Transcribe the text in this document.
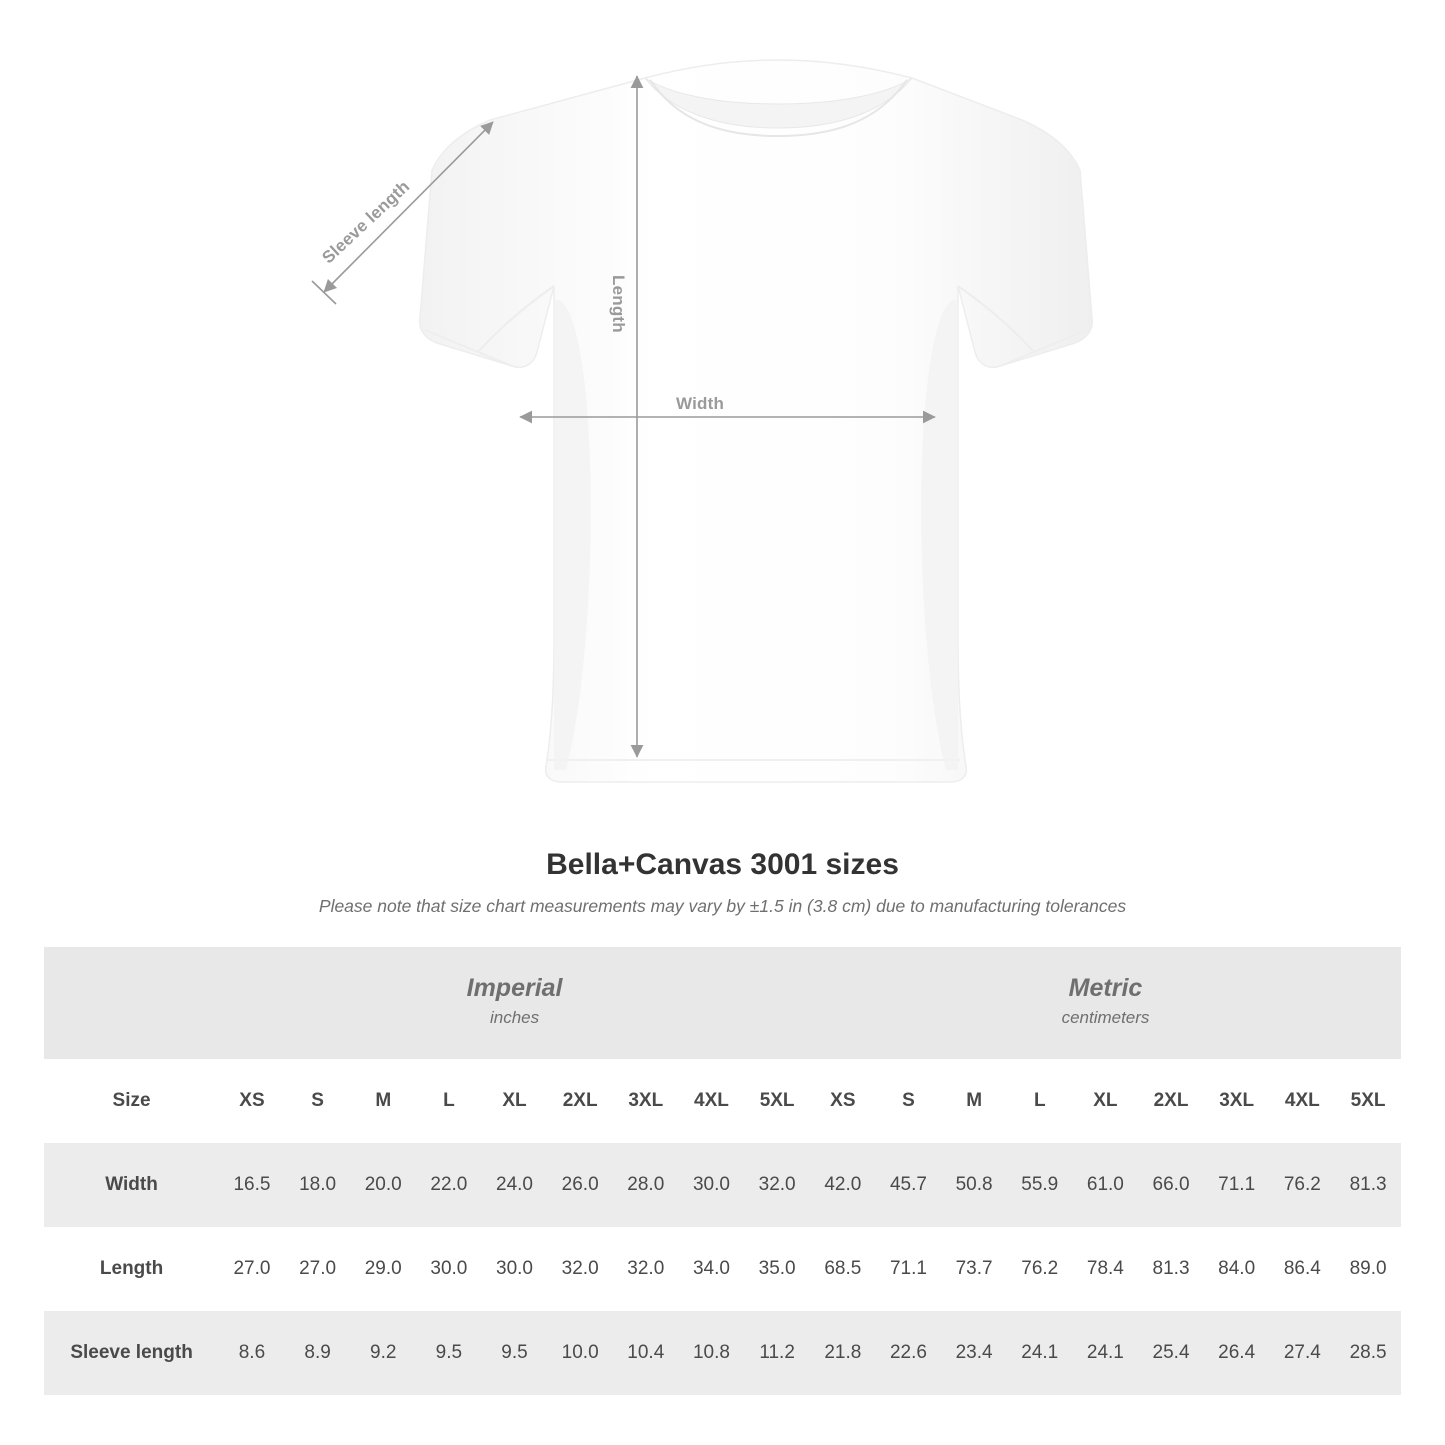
Width
Length
Sleeve length
Bella+Canvas 3001 sizes

Please note that size chart measurements may vary by ±1.5 in (3.8 cm) due to manufacturing tolerances

Imperial
inches

Metric
centimeters

Size	XS	S	M	L	XL	2XL	3XL	4XL	5XL	XS	S	M	L	XL	2XL	3XL	4XL	5XL
Width	16.5	18.0	20.0	22.0	24.0	26.0	28.0	30.0	32.0	42.0	45.7	50.8	55.9	61.0	66.0	71.1	76.2	81.3
Length	27.0	27.0	29.0	30.0	30.0	32.0	32.0	34.0	35.0	68.5	71.1	73.7	76.2	78.4	81.3	84.0	86.4	89.0
Sleeve length	8.6	8.9	9.2	9.5	9.5	10.0	10.4	10.8	11.2	21.8	22.6	23.4	24.1	24.1	25.4	26.4	27.4	28.5
